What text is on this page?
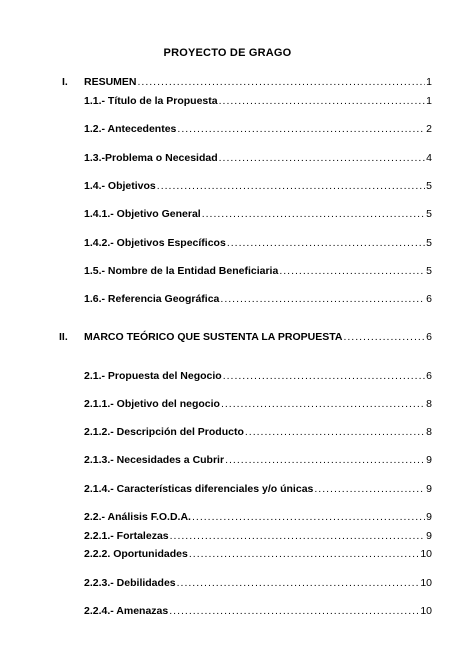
PROYECTO DE GRAGO
I. RESUMEN .....	1
1.1.- Título de la Propuesta .....	1
1.2.- Antecedentes .....	2
1.3.-Problema o Necesidad .....	4
1.4.- Objetivos .....	5
1.4.1.- Objetivo General .....	5
1.4.2.- Objetivos Específicos .....	5
1.5.- Nombre de la Entidad Beneficiaria .....	5
1.6.- Referencia Geográfica .....	6
II. MARCO TEÓRICO QUE SUSTENTA LA PROPUESTA .....	6
2.1.- Propuesta del Negocio .....	6
2.1.1.- Objetivo del negocio .....	8
2.1.2.- Descripción del Producto .....	8
2.1.3.- Necesidades a Cubrir .....	9
2.1.4.- Características diferenciales y/o únicas .....	9
2.2.- Análisis F.O.D.A. .....	9
2.2.1.- Fortalezas .....	9
2.2.2. Oportunidades .....	10
2.2.3.- Debilidades .....	10
2.2.4.- Amenazas .....	10
